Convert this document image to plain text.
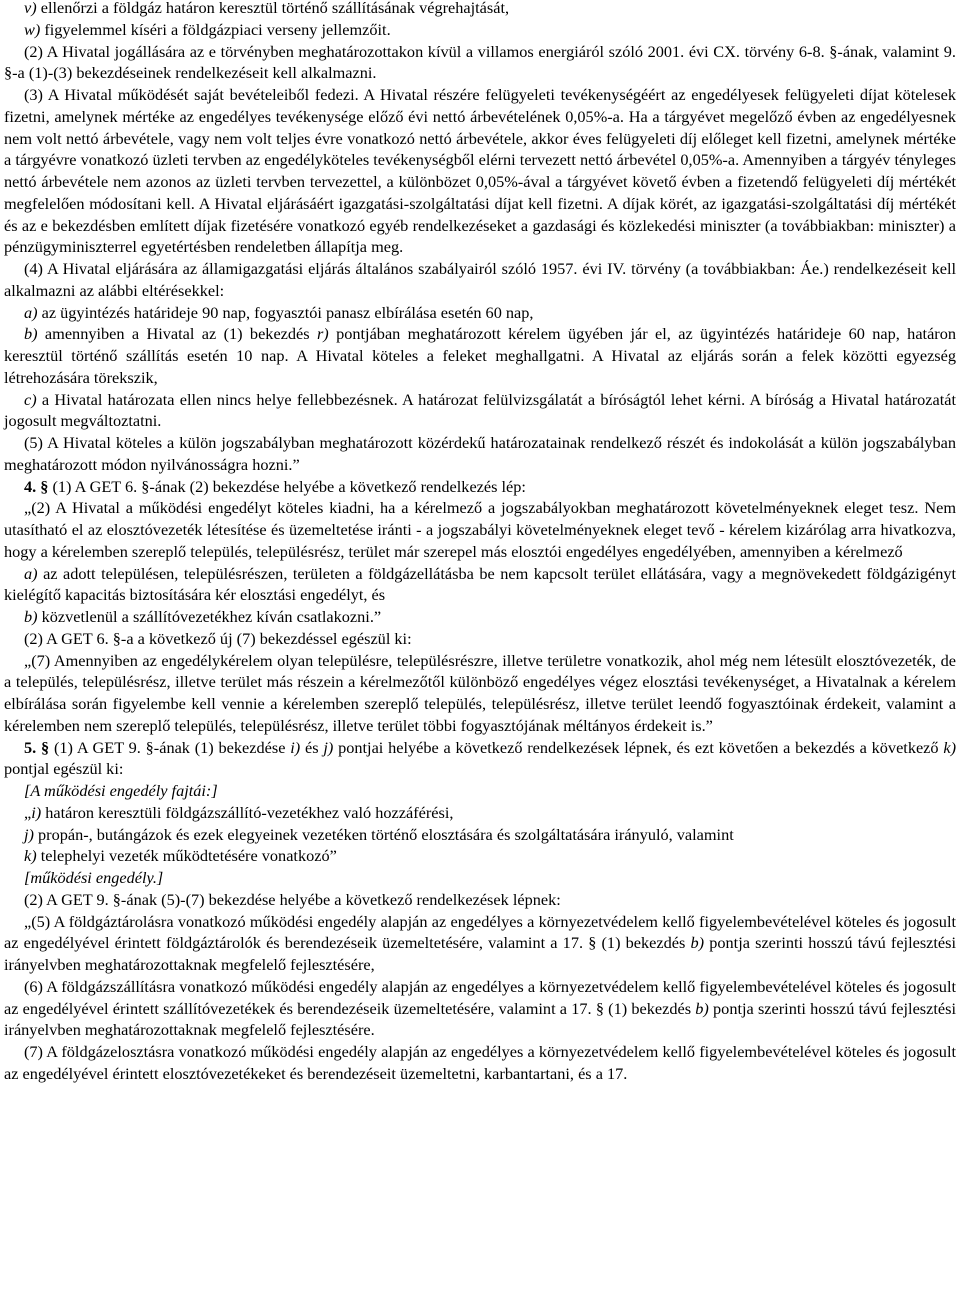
v) ellenőrzi a földgáz határon keresztül történő szállításának végrehajtását,

w) figyelemmel kíséri a földgázpiaci verseny jellemzőit.

(2) A Hivatal jogállására az e törvényben meghatározottakon kívül a villamos energiáról szóló 2001. évi CX. törvény 6-8. §-ának, valamint 9. §-a (1)-(3) bekezdéseinek rendelkezéseit kell alkalmazni.

(3) A Hivatal működését saját bevételeiből fedezi. A Hivatal részére felügyeleti tevékenységéért az engedélyesek felügyeleti díjat kötelesek fizetni, amelynek mértéke az engedélyes tevékenysége előző évi nettó árbevételének 0,05%-a. Ha a tárgyévet megelőző évben az engedélyesnek nem volt nettó árbevétele, vagy nem volt teljes évre vonatkozó nettó árbevétele, akkor éves felügyeleti díj előleget kell fizetni, amelynek mértéke a tárgyévre vonatkozó üzleti tervben az engedélyköteles tevékenységből elérni tervezett nettó árbevétel 0,05%-a. Amennyiben a tárgyév tényleges nettó árbevétele nem azonos az üzleti tervben tervezettel, a különbözet 0,05%-ával a tárgyévet követő évben a fizetendő felügyeleti díj mértékét megfelelően módosítani kell. A Hivatal eljárásáért igazgatási-szolgáltatási díjat kell fizetni. A díjak körét, az igazgatási-szolgáltatási díj mértékét és az e bekezdésben említett díjak fizetésére vonatkozó egyéb rendelkezéseket a gazdasági és közlekedési miniszter (a továbbiakban: miniszter) a pénzügyminiszterrel egyetértésben rendeletben állapítja meg.

(4) A Hivatal eljárására az államigazgatási eljárás általános szabályairól szóló 1957. évi IV. törvény (a továbbiakban: Áe.) rendelkezéseit kell alkalmazni az alábbi eltérésekkel:

a) az ügyintézés határideje 90 nap, fogyasztói panasz elbírálása esetén 60 nap,

b) amennyiben a Hivatal az (1) bekezdés r) pontjában meghatározott kérelem ügyében jár el, az ügyintézés határideje 60 nap, határon keresztül történő szállítás esetén 10 nap. A Hivatal köteles a feleket meghallgatni. A Hivatal az eljárás során a felek közötti egyezség létrehozására törekszik,

c) a Hivatal határozata ellen nincs helye fellebbezésnek. A határozat felülvizsgálatát a bíróságtól lehet kérni. A bíróság a Hivatal határozatát jogosult megváltoztatni.

(5) A Hivatal köteles a külön jogszabályban meghatározott közérdekű határozatainak rendelkező részét és indokolását a külön jogszabályban meghatározott módon nyilvánosságra hozni.”

4. § (1) A GET 6. §-ának (2) bekezdése helyébe a következő rendelkezés lép:

„(2) A Hivatal a működési engedélyt köteles kiadni, ha a kérelmező a jogszabályokban meghatározott követelményeknek eleget tesz. Nem utasítható el az elosztóvezeték létesítése és üzemeltetése iránti - a jogszabályi követelményeknek eleget tevő - kérelem kizárólag arra hivatkozva, hogy a kérelemben szereplő település, településrész, terület már szerepel más elosztói engedélyes engedélyében, amennyiben a kérelmező

a) az adott településen, településrészen, területen a földgázellátásba be nem kapcsolt terület ellátására, vagy a megnövekedett földgázigényt kielégítő kapacitás biztosítására kér elosztási engedélyt, és

b) közvetlenül a szállítóvezetékhez kíván csatlakozni.”

(2) A GET 6. §-a a következő új (7) bekezdéssel egészül ki:

„(7) Amennyiben az engedélykérelem olyan településre, településrészre, illetve területre vonatkozik, ahol még nem létesült elosztóvezeték, de a település, településrész, illetve terület más részein a kérelmezőtől különböző engedélyes végez elosztási tevékenységet, a Hivatalnak a kérelem elbírálása során figyelembe kell vennie a kérelemben szereplő település, településrész, illetve terület leendő fogyasztóinak érdekeit, valamint a kérelemben nem szereplő település, településrész, illetve terület többi fogyasztójának méltányos érdekeit is.”

5. § (1) A GET 9. §-ának (1) bekezdése i) és j) pontjai helyébe a következő rendelkezések lépnek, és ezt követően a bekezdés a következő k) pontjal egészül ki:

[A működési engedély fajtái:]

„i) határon keresztüli földgázszállító-vezetékhez való hozzáférési,

j) propán-, butángázok és ezek elegyeinek vezetéken történő elosztására és szolgáltatására irányuló, valamint

k) telephelyi vezeték működtetésére vonatkozó”

[működési engedély.]

(2) A GET 9. §-ának (5)-(7) bekezdése helyébe a következő rendelkezések lépnek:

„(5) A földgáztárolásra vonatkozó működési engedély alapján az engedélyes a környezetvédelem kellő figyelembevételével köteles és jogosult az engedélyével érintett földgáztárolók és berendezéseik üzemeltetésére, valamint a 17. § (1) bekezdés b) pontja szerinti hosszú távú fejlesztési irányelvben meghatározottaknak megfelelő fejlesztésére,

(6) A földgázszállításra vonatkozó működési engedély alapján az engedélyes a környezetvédelem kellő figyelembevételével köteles és jogosult az engedélyével érintett szállítóvezetékek és berendezéseik üzemeltetésére, valamint a 17. § (1) bekezdés b) pontja szerinti hosszú távú fejlesztési irányelvben meghatározottaknak megfelelő fejlesztésére.

(7) A földgázelosztásra vonatkozó működési engedély alapján az engedélyes a környezetvédelem kellő figyelembevételével köteles és jogosult az engedélyével érintett elosztóvezetékeket és berendezéseit üzemeltetni, karbantartani, és a 17.
